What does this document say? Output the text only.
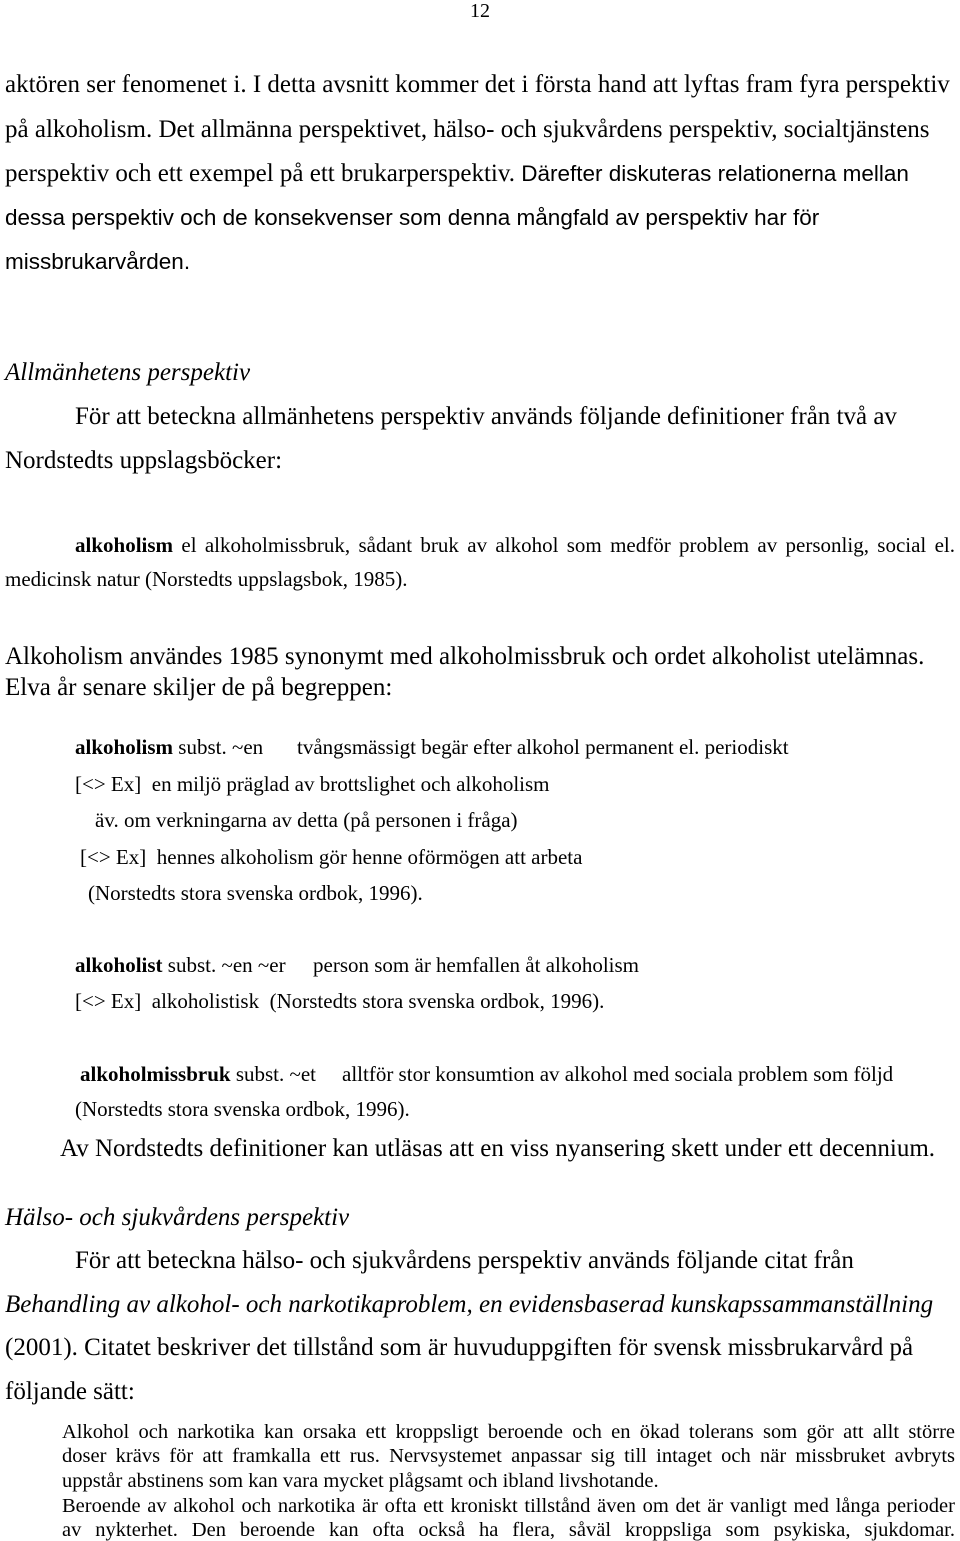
12
aktören ser fenomenet i. I detta avsnitt kommer det i första hand att lyftas fram fyra perspektiv
på alkoholism. Det allmänna perspektivet, hälso- och sjukvårdens perspektiv, socialtjänstens
perspektiv och ett exempel på ett brukarperspektiv. Därefter diskuteras relationerna mellan
dessa perspektiv och de konsekvenser som denna mångfald av perspektiv har för
missbrukarvården.
Allmänhetens perspektiv
För att beteckna allmänhetens perspektiv används följande definitioner från två av
Nordstedts uppslagsböcker:
alkoholism el alkoholmissbruk, sådant bruk av alkohol som medför problem av personlig, social el.
medicinsk natur (Norstedts uppslagsbok, 1985).
Alkoholism användes 1985 synonymt med alkoholmissbruk och ordet alkoholist utelämnas.
Elva år senare skiljer de på begreppen:
alkoholism subst. ~en tvångsmässigt begär efter alkohol permanent el. periodiskt
[<> Ex]  en miljö präglad av brottslighet och alkoholism
äv. om verkningarna av detta (på personen i fråga)
[<> Ex]  hennes alkoholism gör henne oförmögen att arbeta
(Norstedts stora svenska ordbok, 1996).
alkoholist subst. ~en ~er person som är hemfallen åt alkoholism
[<> Ex]  alkoholistisk  (Norstedts stora svenska ordbok, 1996).
alkoholmissbruk subst. ~et alltför stor konsumtion av alkohol med sociala problem som följd
(Norstedts stora svenska ordbok, 1996).
Av Nordstedts definitioner kan utläsas att en viss nyansering skett under ett decennium.
Hälso- och sjukvårdens perspektiv
För att beteckna hälso- och sjukvårdens perspektiv används följande citat från
Behandling av alkohol- och narkotikaproblem, en evidensbaserad kunskapssammanställning
(2001). Citatet beskriver det tillstånd som är huvuduppgiften för svensk missbrukarvård på
följande sätt:
Alkohol och narkotika kan orsaka ett kroppsligt beroende och en ökad tolerans som gör att allt större
doser krävs för att framkalla ett rus. Nervsystemet anpassar sig till intaget och när missbruket avbryts
uppstår abstinens som kan vara mycket plågsamt och ibland livshotande.
Beroende av alkohol och narkotika är ofta ett kroniskt tillstånd även om det är vanligt med långa perioder
av nykterhet. Den beroende kan ofta också ha flera, såväl kroppsliga som psykiska, sjukdomar.
